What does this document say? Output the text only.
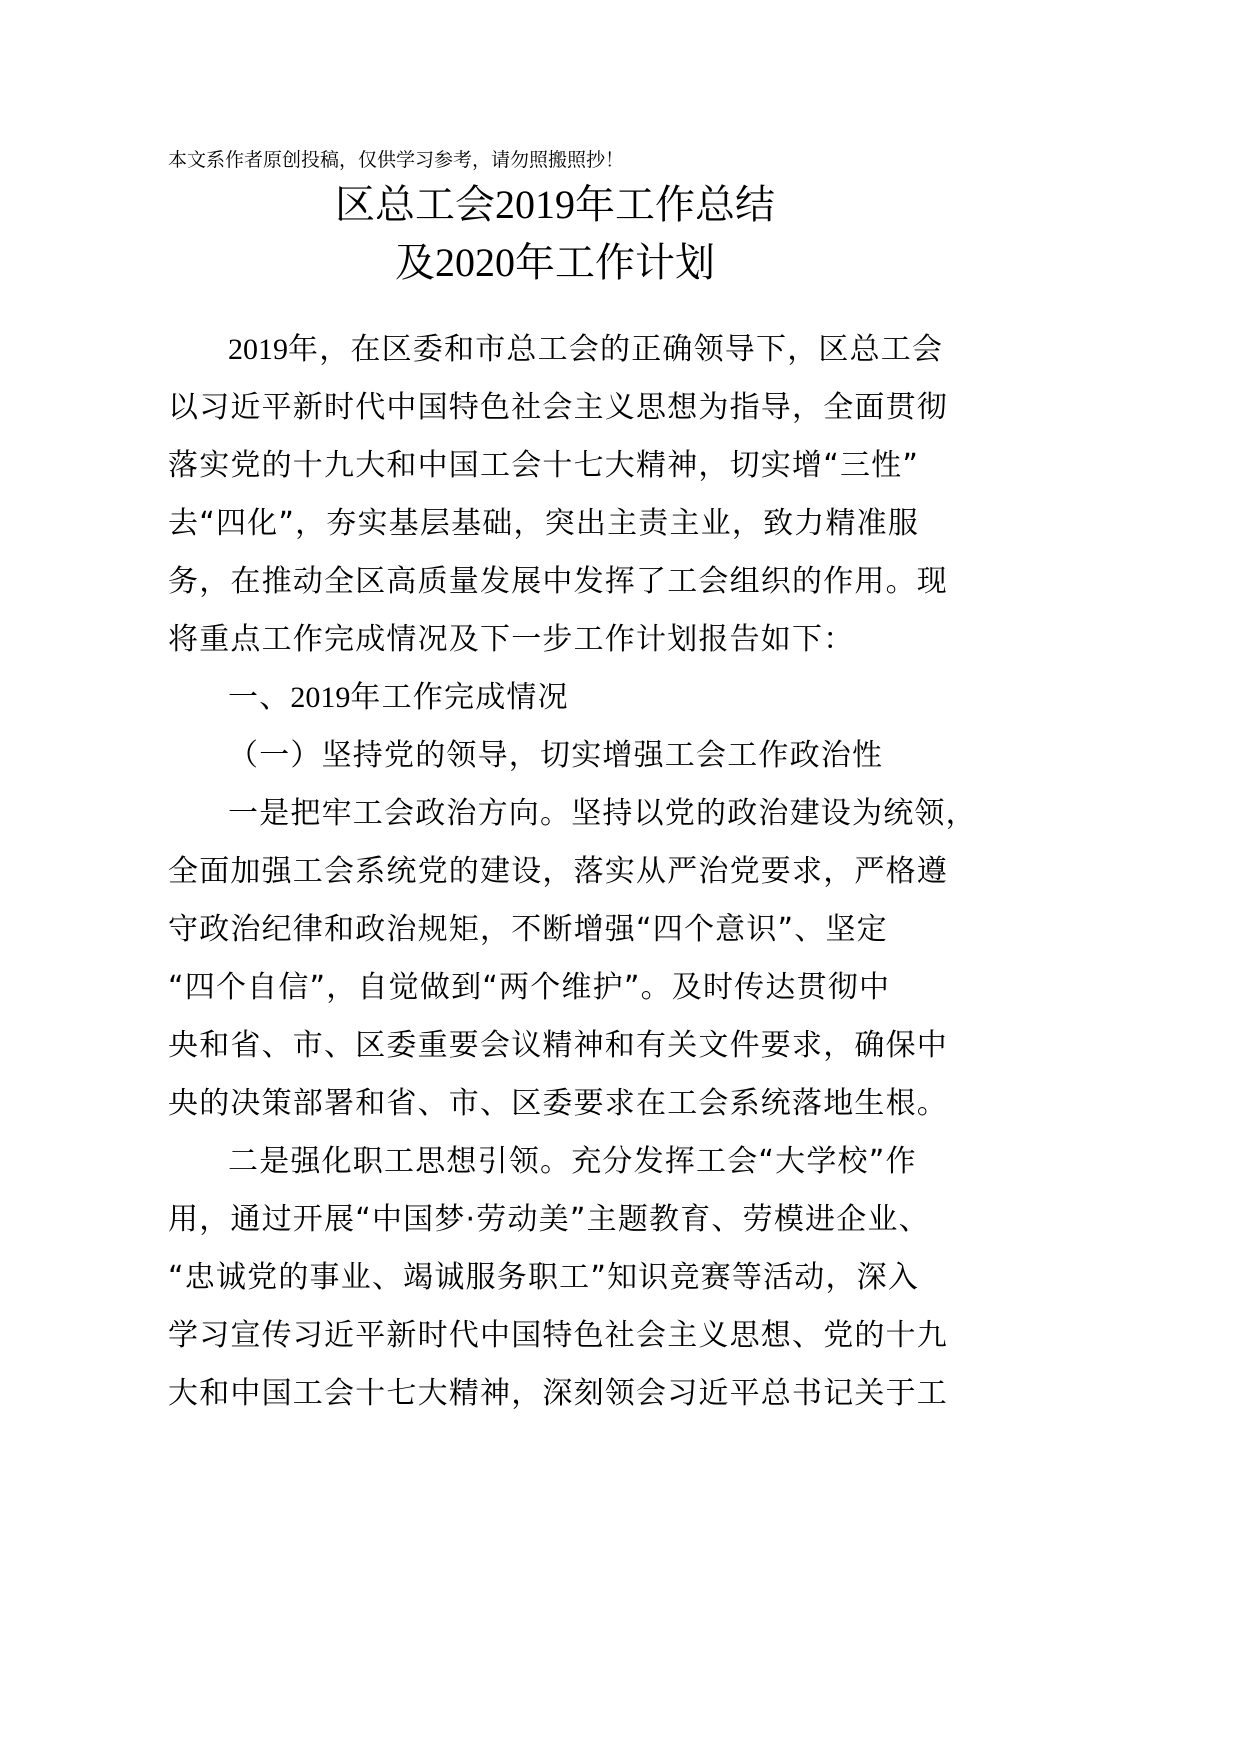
本文系作者原创投稿，仅供学习参考，请勿照搬照抄！
区总工会2019年工作总结
及2020年工作计划
2019年，在区委和市总工会的正确领导下，区总工会
以习近平新时代中国特色社会主义思想为指导，全面贯彻
落实党的十九大和中国工会十七大精神，切实增“三性”
去“四化”，夯实基层基础，突出主责主业，致力精准服
务，在推动全区高质量发展中发挥了工会组织的作用。现
将重点工作完成情况及下一步工作计划报告如下：
一、2019年工作完成情况
（一）坚持党的领导，切实增强工会工作政治性
一是把牢工会政治方向。坚持以党的政治建设为统领，
全面加强工会系统党的建设，落实从严治党要求，严格遵
守政治纪律和政治规矩，不断增强“四个意识”、坚定
“四个自信”，自觉做到“两个维护”。及时传达贯彻中
央和省、市、区委重要会议精神和有关文件要求，确保中
央的决策部署和省、市、区委要求在工会系统落地生根。
二是强化职工思想引领。充分发挥工会“大学校”作
用，通过开展“中国梦·劳动美”主题教育、劳模进企业、
“忠诚党的事业、竭诚服务职工”知识竞赛等活动，深入
学习宣传习近平新时代中国特色社会主义思想、党的十九
大和中国工会十七大精神，深刻领会习近平总书记关于工
